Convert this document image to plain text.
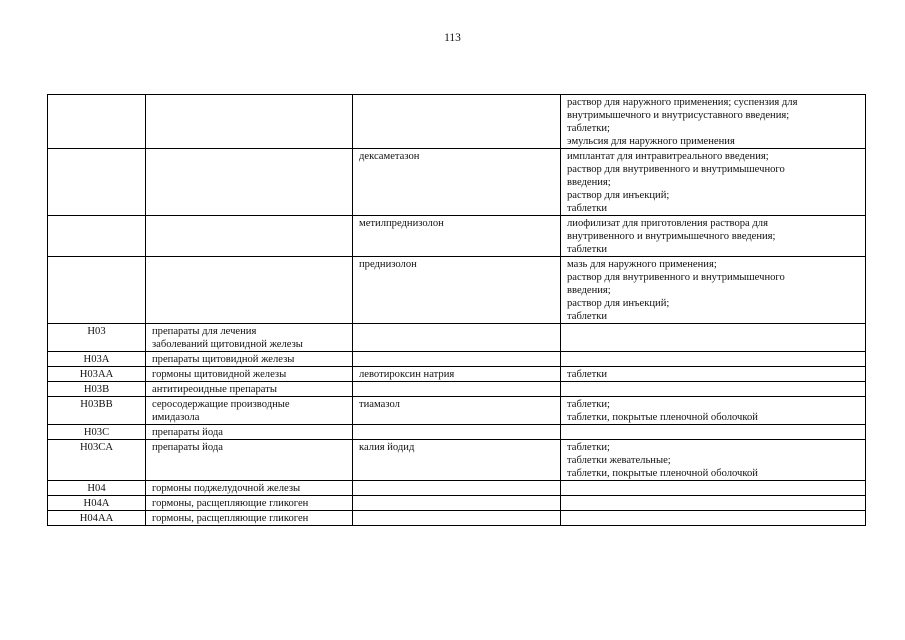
113

			раствор для наружного применения; суспензия для
внутримышечного и внутрисуставного введения;
таблетки;
эмульсия для наружного применения

		дексаметазон	имплантат для интравитреального введения;
раствор для внутривенного и внутримышечного
введения;
раствор для инъекций;
таблетки

		метилпреднизолон	лиофилизат для приготовления раствора для
внутривенного и внутримышечного введения;
таблетки

		преднизолон	мазь для наружного применения;
раствор для внутривенного и внутримышечного
введения;
раствор для инъекций;
таблетки

H03	препараты для лечения
заболеваний щитовидной железы		

H03A	препараты щитовидной железы		

H03AA	гормоны щитовидной железы	левотироксин натрия	таблетки

H03B	антитиреоидные препараты		

H03BB	серосодержащие производные
имидазола	тиамазол	таблетки;
таблетки, покрытые пленочной оболочкой

H03C	препараты йода		

H03CA	препараты йода	калия йодид	таблетки;
таблетки жевательные;
таблетки, покрытые пленочной оболочкой

H04	гормоны поджелудочной железы		

H04A	гормоны, расщепляющие гликоген		

H04AA	гормоны, расщепляющие гликоген		
